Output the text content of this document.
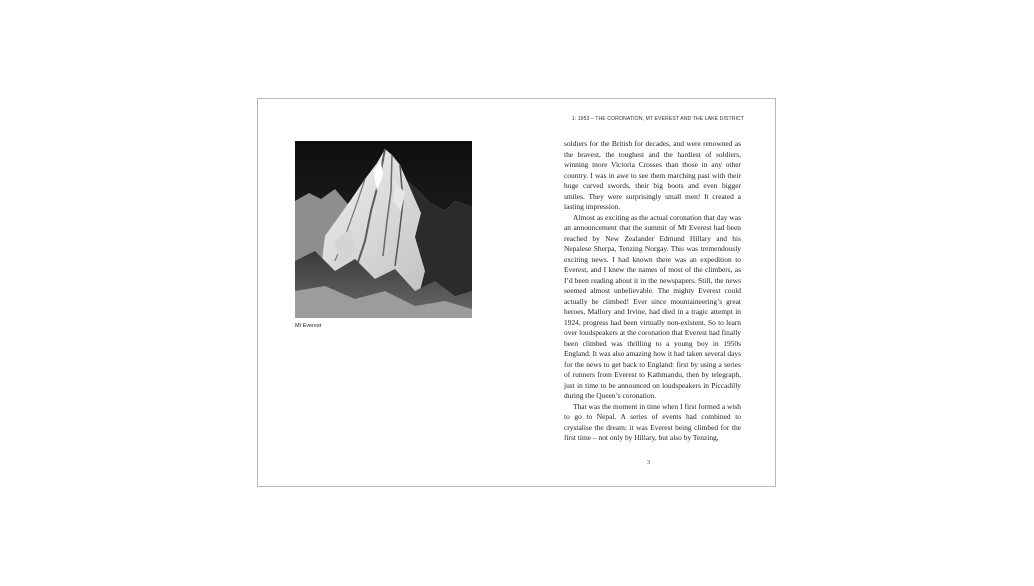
1: 1953 – THE CORONATION, MT EVEREST AND THE LAKE DISTRICT
Mt Everest

soldiers for the British for decades, and were renowned as the bravest, the toughest and the hardiest of soldiers, winning more Victoria Crosses than those in any other country. I was in awe to see them marching past with their huge curved swords, their big boots and even bigger smiles. They were surprisingly small men! It created a lasting impression.

Almost as exciting as the actual coronation that day was an announcement that the summit of Mt Everest had been reached by New Zealander Edmund Hillary and his Nepalese Sherpa, Tenzing Norgay. This was tremendously exciting news. I had known there was an expedition to Everest, and I knew the names of most of the climbers, as I’d been reading about it in the newspapers. Still, the news seemed almost unbelievable. The mighty Everest could actually be climbed! Ever since mountaineering’s great heroes, Mallory and Irvine, had died in a tragic attempt in 1924, progress had been virtually non-existent. So to learn over loudspeakers at the coronation that Everest had finally been climbed was thrilling to a young boy in 1950s England. It was also amazing how it had taken several days for the news to get back to England: first by using a series of runners from Everest to Kathmandu, then by telegraph, just in time to be announced on loudspeakers in Piccadilly during the Queen’s coronation.

That was the moment in time when I first formed a wish to go to Nepal. A series of events had combined to crystalise the dream: it was Everest being climbed for the first time – not only by Hillary, but also by Tenzing,

3
